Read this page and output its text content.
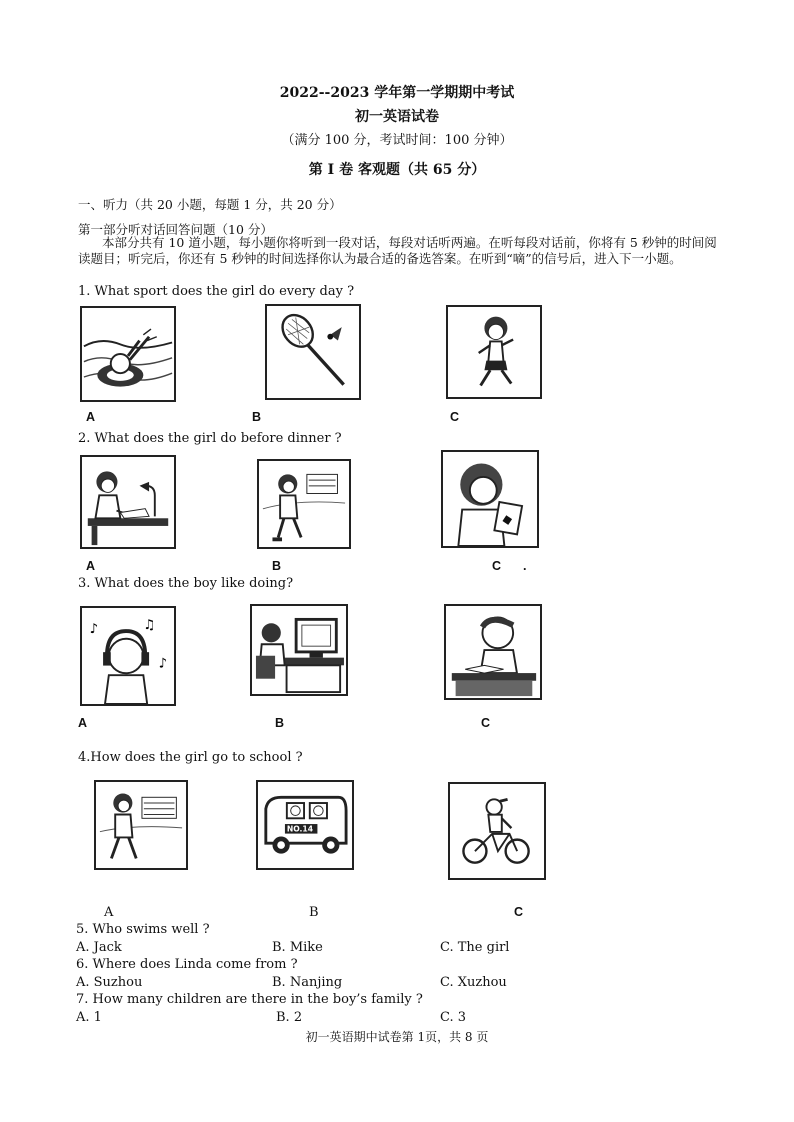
2022--2023 学年第一学期期中考试
初一英语试卷
（满分 100 分，考试时间：100 分钟）
第 I 卷 客观题（共 65 分）
一、听力（共 20 小题，每题 1 分，共 20 分）
第一部分听对话回答问题（10 分）
本部分共有 10 道小题，每小题你将听到一段对话，每段对话听两遍。在听每段对话前，你将有 5 秒钟的时间阅读题目；听完后，你还有 5 秒钟的时间选择你认为最合适的备选答案。在听到“嘀”的信号后，进入下一小题。
1. What sport does the girl do every day ?
A	B	C
2. What does the girl do before dinner ?
A	B	C .
3. What does the boy like doing?
♪	♫
♪
A	B	C
4.How does the girl go to school ?
NO.14
A	B	C
5. Who swims well ?
A. Jack	B. Mike	C. The girl
6. Where does Linda come from ?
A. Suzhou	B. Nanjing	C. Xuzhou
7. How many children are there in the boy’s family ?
A. 1	B. 2	C. 3
初一英语期中试卷第 1页，共 8 页
